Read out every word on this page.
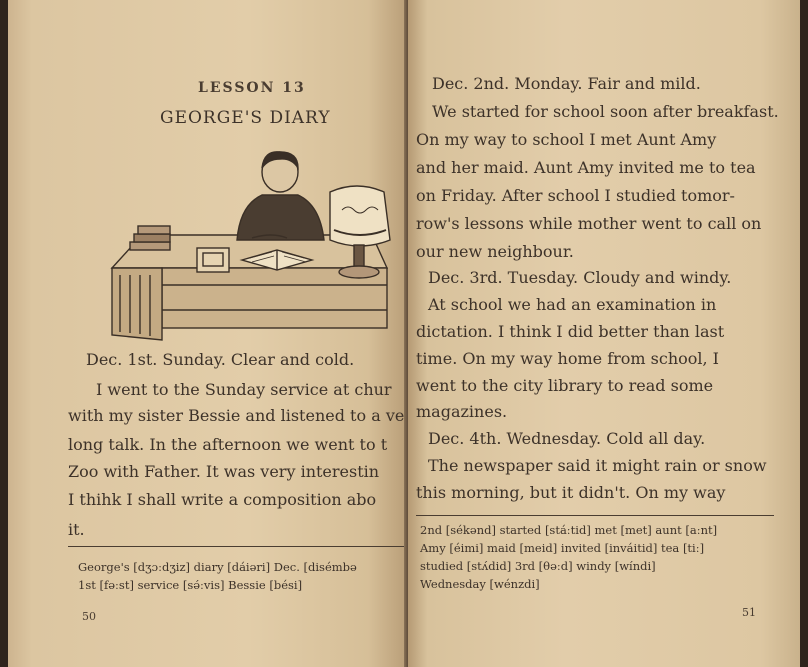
LESSON 13
GEORGE'S DIARY
Dec. 1st. Sunday. Clear and cold.
I went to the Sunday service at chur
with my sister Bessie and listened to a ve
long talk. In the afternoon we went to t
Zoo with Father. It was very interestin
I thihk I shall write a composition abo
it.
George's [dʒɔːdʒiz] diary [dáiəri] Dec. [disémbə
1st [fəːst] service [sə́ːvis] Bessie [bési]
50
Dec. 2nd. Monday. Fair and mild.
We started for school soon after breakfast.
On my way to school I met Aunt Amy
and her maid. Aunt Amy invited me to tea
on Friday. After school I studied tomor-
row's lessons while mother went to call on
our new neighbour.
Dec. 3rd. Tuesday. Cloudy and windy.
At school we had an examination in
dictation. I think I did better than last
time. On my way home from school, I
went to the city library to read some
magazines.
Dec. 4th. Wednesday. Cold all day.
The newspaper said it might rain or snow
this morning, but it didn't. On my way
2nd [sékənd] started [stáːtid] met [met] aunt [aːnt]
Amy [éimi] maid [meid] invited [inváitid] tea [tiː]
studied [stʌ́did] 3rd [θəːd] windy [wíndi]
Wednesday [wénzdi]
51
